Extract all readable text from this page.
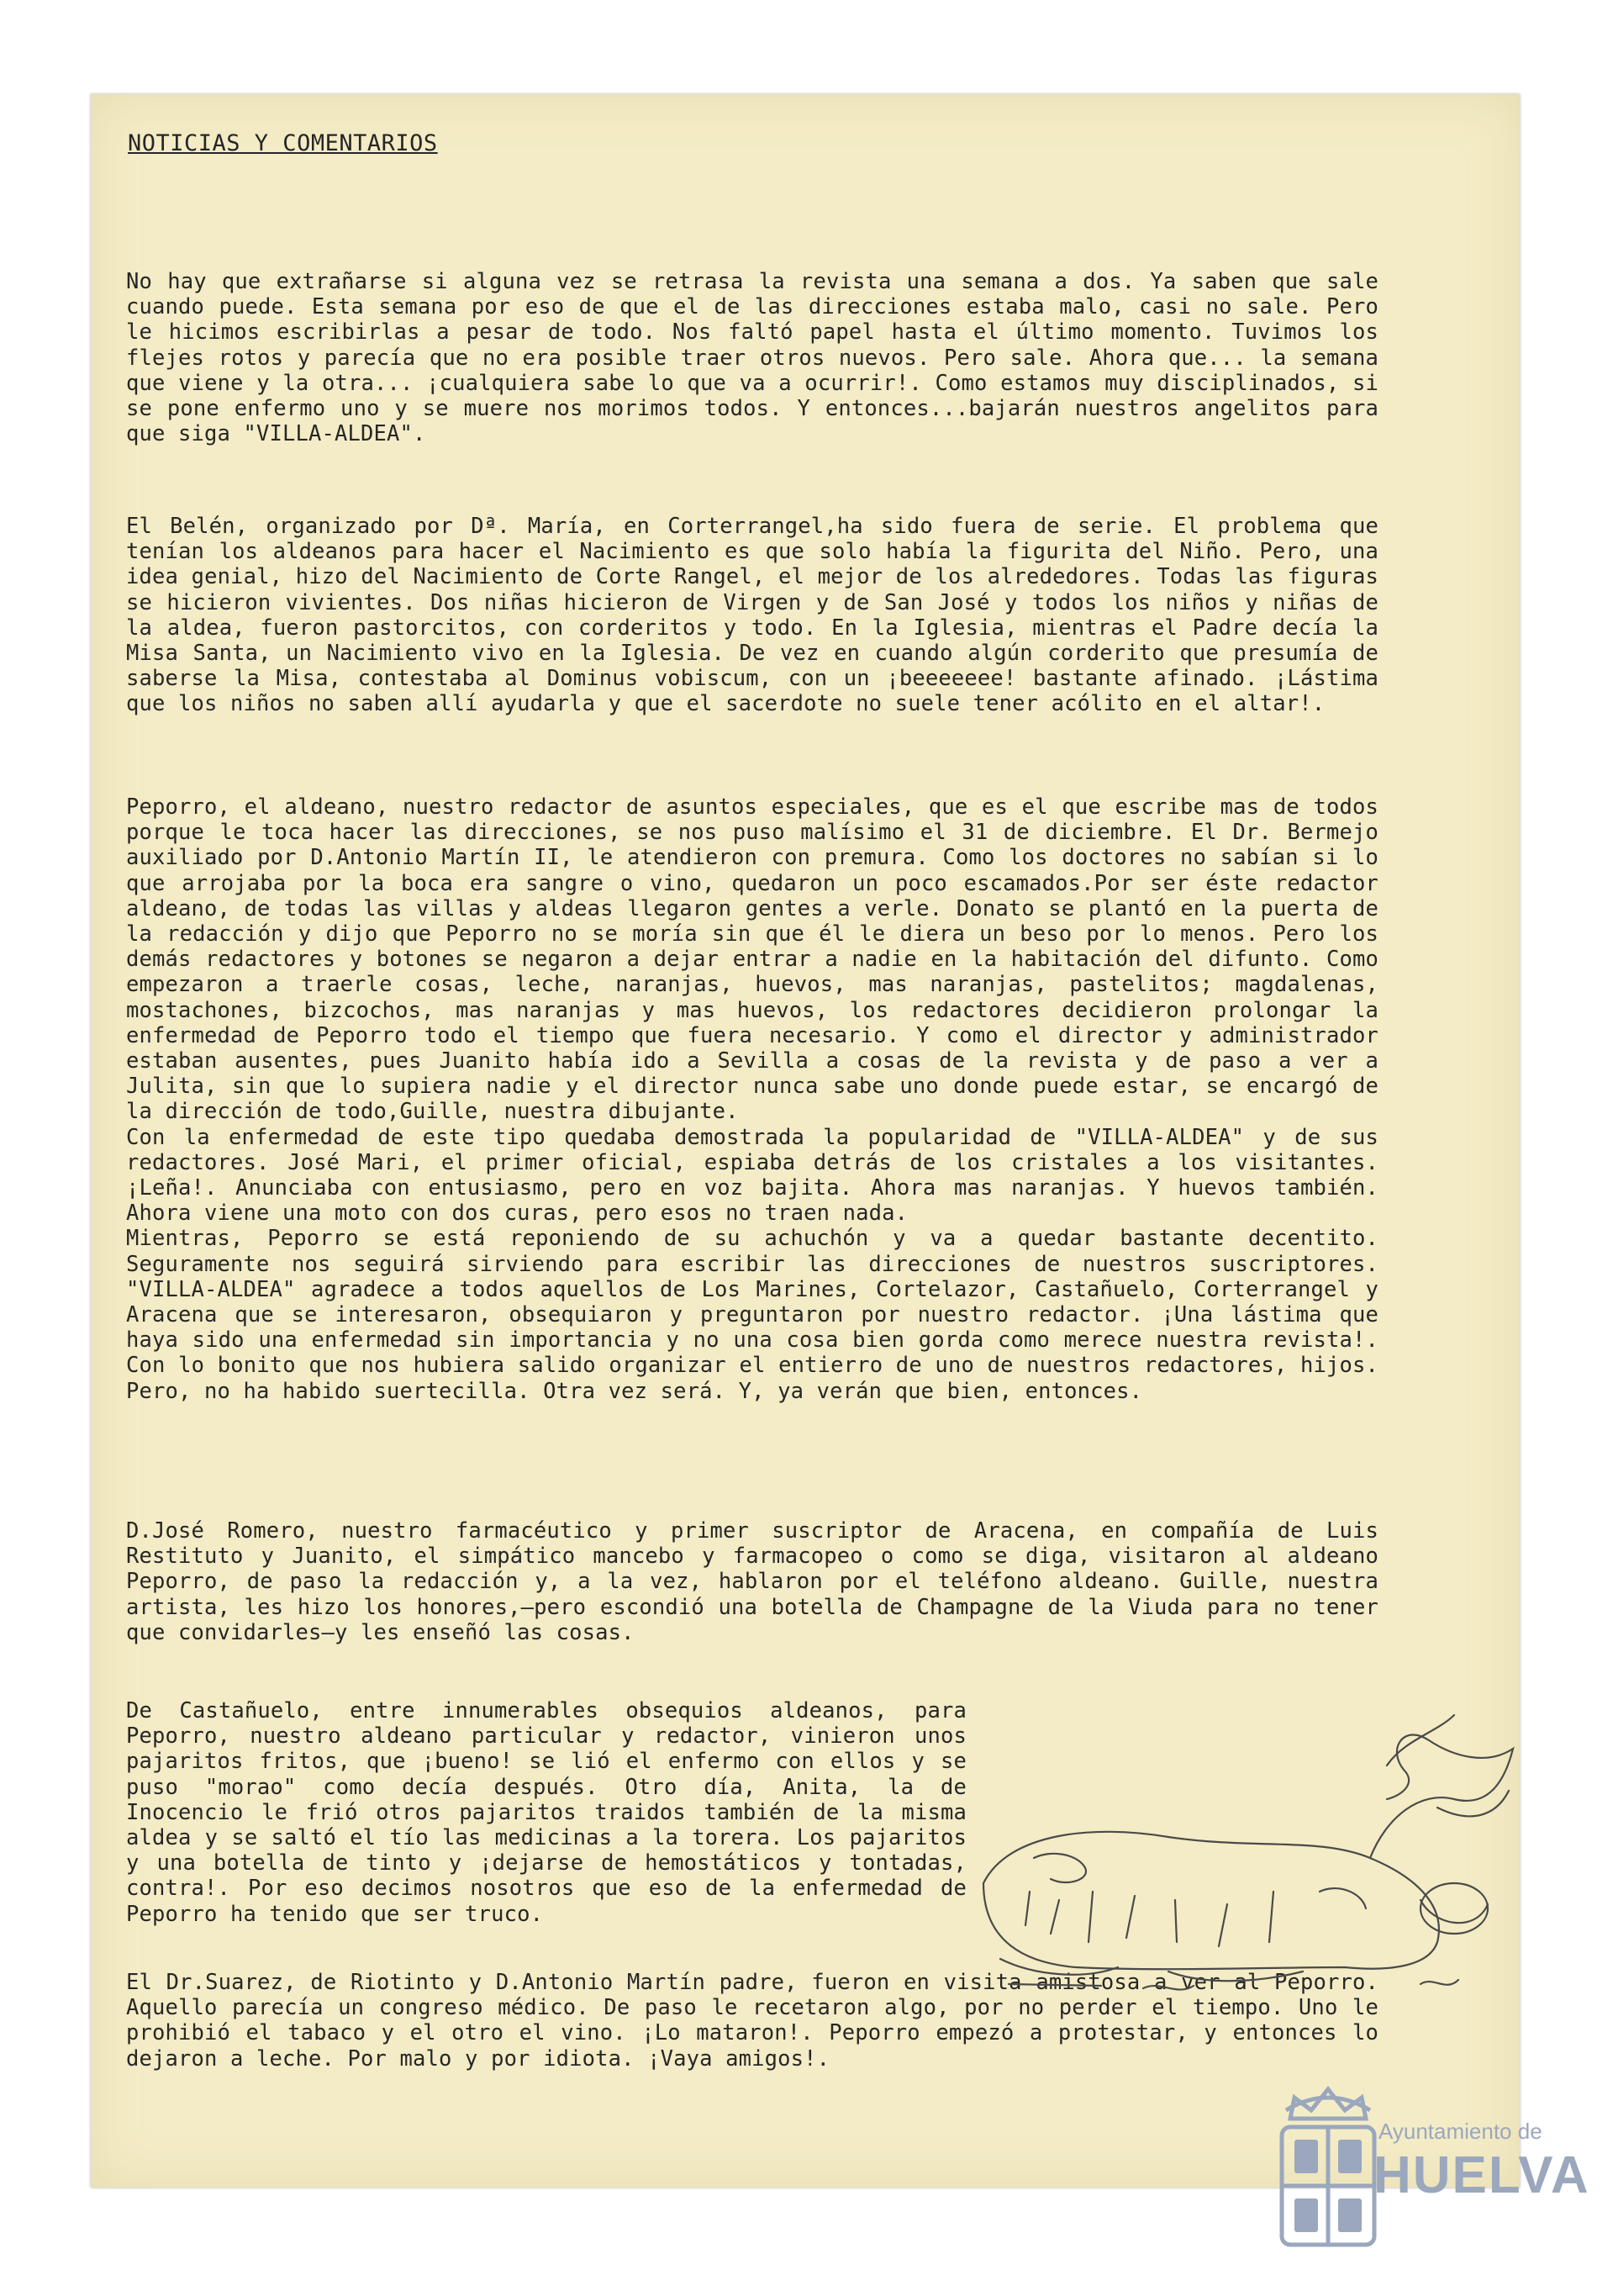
NOTICIAS Y COMENTARIOS

No hay que extrañarse si alguna vez se retrasa la revista una semana a dos. Ya saben que sale cuando puede. Esta semana por eso de que el de las direcciones estaba malo, casi no sale. Pero le hicimos escribirlas a pesar de todo. Nos faltó papel hasta el último momento. Tuvimos los flejes rotos y parecía que no era posible traer otros nuevos. Pero sale. Ahora que... la semana que viene y la otra... ¡cualquiera sabe lo que va a ocurrir!. Como estamos muy disciplinados, si se pone enfermo uno y se muere nos morimos todos. Y entonces...bajarán nuestros angelitos para que siga "VILLA-ALDEA".

El Belén, organizado por Dª. María, en Corterrangel,ha sido fuera de serie. El problema que tenían los aldeanos para hacer el Nacimiento es que solo había la figurita del Niño. Pero, una idea genial, hizo del Nacimiento de Corte Rangel, el mejor de los alrededores. Todas las figuras se hicieron vivientes. Dos niñas hicieron de Virgen y de San José y todos los niños y niñas de la aldea, fueron pastorcitos, con corderitos y todo. En la Iglesia, mientras el Padre decía la Misa Santa, un Nacimiento vivo en la Iglesia. De vez en cuando algún corderito que presumía de saberse la Misa, contestaba al Dominus vobiscum, con un ¡beeeeeee! bastante afinado. ¡Lástima que los niños no saben allí ayudarla y que el sacerdote no suele tener acólito en el altar!.

Peporro, el aldeano, nuestro redactor de asuntos especiales, que es el que escribe mas de todos porque le toca hacer las direcciones, se nos puso malísimo el 31 de diciembre. El Dr. Bermejo auxiliado por D.Antonio Martín II, le atendieron con premura. Como los doctores no sabían si lo que arrojaba por la boca era sangre o vino, quedaron un poco escamados.Por ser éste redactor aldeano, de todas las villas y aldeas llegaron gentes a verle. Donato se plantó en la puerta de la redacción y dijo que Peporro no se moría sin que él le diera un beso por lo menos. Pero los demás redactores y botones se negaron a dejar entrar a nadie en la habitación del difunto. Como empezaron a traerle cosas, leche, naranjas, huevos, mas naranjas, pastelitos; magdalenas, mostachones, bizcochos, mas naranjas y mas huevos, los redactores decidieron prolongar la enfermedad de Peporro todo el tiempo que fuera necesario. Y como el director y administrador estaban ausentes, pues Juanito había ido a Sevilla a cosas de la revista y de paso a ver a Julita, sin que lo supiera nadie y el director nunca sabe uno donde puede estar, se encargó de la dirección de todo,Guille, nuestra dibujante.
Con la enfermedad de este tipo quedaba demostrada la popularidad de "VILLA-ALDEA" y de sus redactores. José Mari, el primer oficial, espiaba detrás de los cristales a los visitantes. ¡Leña!. Anunciaba con entusiasmo, pero en voz bajita. Ahora mas naranjas. Y huevos también. Ahora viene una moto con dos curas, pero esos no traen nada.
Mientras, Peporro se está reponiendo de su achuchón y va a quedar bastante decentito. Seguramente nos seguirá sirviendo para escribir las direcciones de nuestros suscriptores. "VILLA-ALDEA" agradece a todos aquellos de Los Marines, Cortelazor, Castañuelo, Corterrangel y Aracena que se interesaron, obsequiaron y preguntaron por nuestro redactor. ¡Una lástima que haya sido una enfermedad sin importancia y no una cosa bien gorda como merece nuestra revista!. Con lo bonito que nos hubiera salido organizar el entierro de uno de nuestros redactores, hijos. Pero, no ha habido suertecilla. Otra vez será. Y, ya verán que bien, entonces.

D.José Romero, nuestro farmacéutico y primer suscriptor de Aracena, en compañía de Luis Restituto y Juanito, el simpático mancebo y farmacopeo o como se diga, visitaron al aldeano Peporro, de paso la redacción y, a la vez, hablaron por el teléfono aldeano. Guille, nuestra artista, les hizo los honores,—pero escondió una botella de Champagne de la Viuda para no tener que convidarles—y les enseñó las cosas.

De Castañuelo, entre innumerables obsequios aldeanos, para Peporro, nuestro aldeano particular y redactor, vinieron unos pajaritos fritos, que ¡bueno! se lió el enfermo con ellos y se puso "morao" como decía después. Otro día, Anita, la de Inocencio le frió otros pajaritos traidos también de la misma aldea y se saltó el tío las medicinas a la torera. Los pajaritos y una botella de tinto y ¡dejarse de hemostáticos y tontadas, contra!. Por eso decimos nosotros que eso de la enfermedad de Peporro ha tenido que ser truco.

El Dr.Suarez, de Riotinto y D.Antonio Martín padre, fueron en visita amistosa a ver al Peporro. Aquello parecía un congreso médico. De paso le recetaron algo, por no perder el tiempo. Uno le prohibió el tabaco y el otro el vino. ¡Lo mataron!. Peporro empezó a protestar, y entonces lo dejaron a leche. Por malo y por idiota. ¡Vaya amigos!.

Ayuntamiento de
HUELVA
